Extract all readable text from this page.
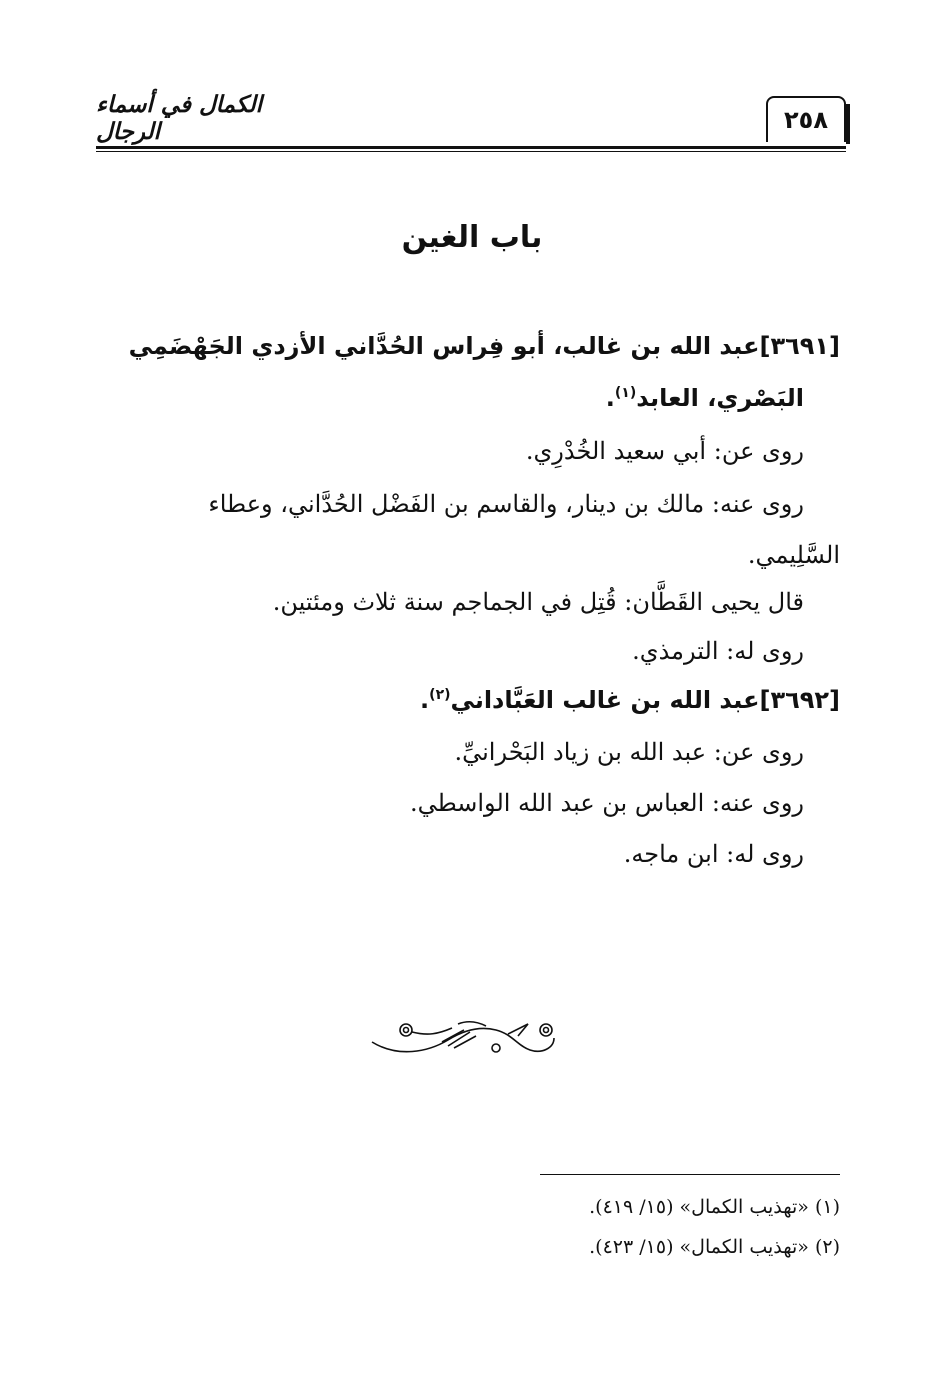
الكمال في أسماء الرجال	٢٥٨
باب الغين
[٣٦٩١]عبد الله بن غالب، أبو فِراس الحُدَّاني الأزدي الجَهْضَمِي
البَصْري، العابد$^{(١)}$.
روى عن: أبي سعيد الخُدْرِي.
روى عنه: مالك بن دينار، والقاسم بن الفَضْل الحُدَّاني، وعطاء
السَّلِيمي.
قال يحيى القَطَّان: قُتِل في الجماجم سنة ثلاث ومئتين.
روى له: الترمذي.
[٣٦٩٢]عبد الله بن غالب العَبَّاداني$^{(٢)}$.
روى عن: عبد الله بن زياد البَحْرانيِّ.
روى عنه: العباس بن عبد الله الواسطي.
روى له: ابن ماجه.
(١) «تهذيب الكمال» (١٥/ ٤١٩).
(٢) «تهذيب الكمال» (١٥/ ٤٢٣).
